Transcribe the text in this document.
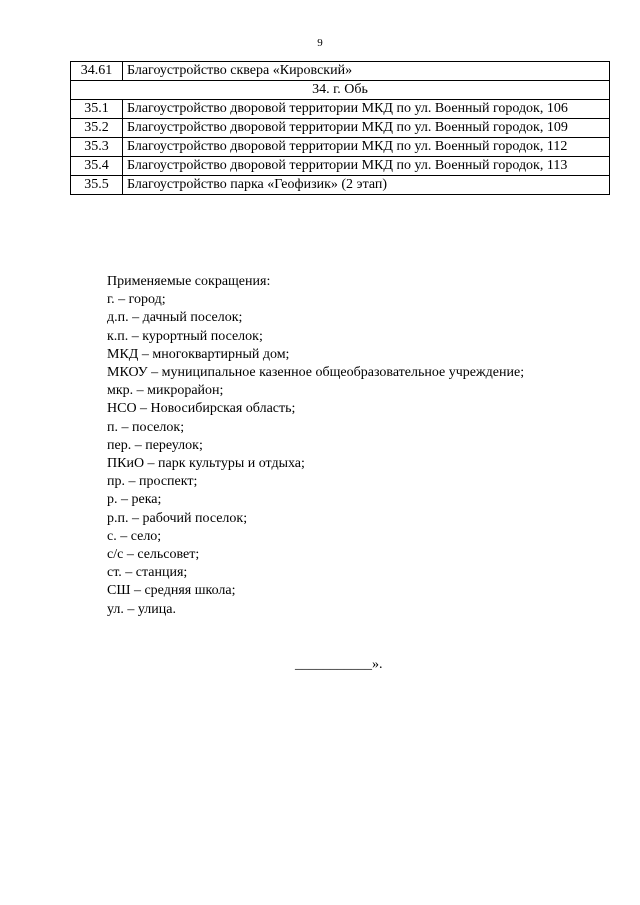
9
34.61	Благоустройство сквера «Кировский»
34. г. Обь	
35.1	Благоустройство дворовой территории МКД по ул. Военный городок, 106
35.2	Благоустройство дворовой территории МКД по ул. Военный городок, 109
35.3	Благоустройство дворовой территории МКД по ул. Военный городок, 112
35.4	Благоустройство дворовой территории МКД по ул. Военный городок, 113
35.5	Благоустройство парка «Геофизик» (2 этап)
Применяемые сокращения:
г. – город;
д.п. – дачный поселок;
к.п. – курортный поселок;
МКД – многоквартирный дом;
МКОУ – муниципальное казенное общеобразовательное учреждение;
мкр. – микрорайон;
НСО – Новосибирская область;
п. – поселок;
пер. – переулок;
ПКиО – парк культуры и отдыха;
пр. – проспект;
р. – река;
р.п. – рабочий поселок;
с. – село;
с/с – сельсовет;
ст. – станция;
СШ – средняя школа;
ул. – улица.
___________».
